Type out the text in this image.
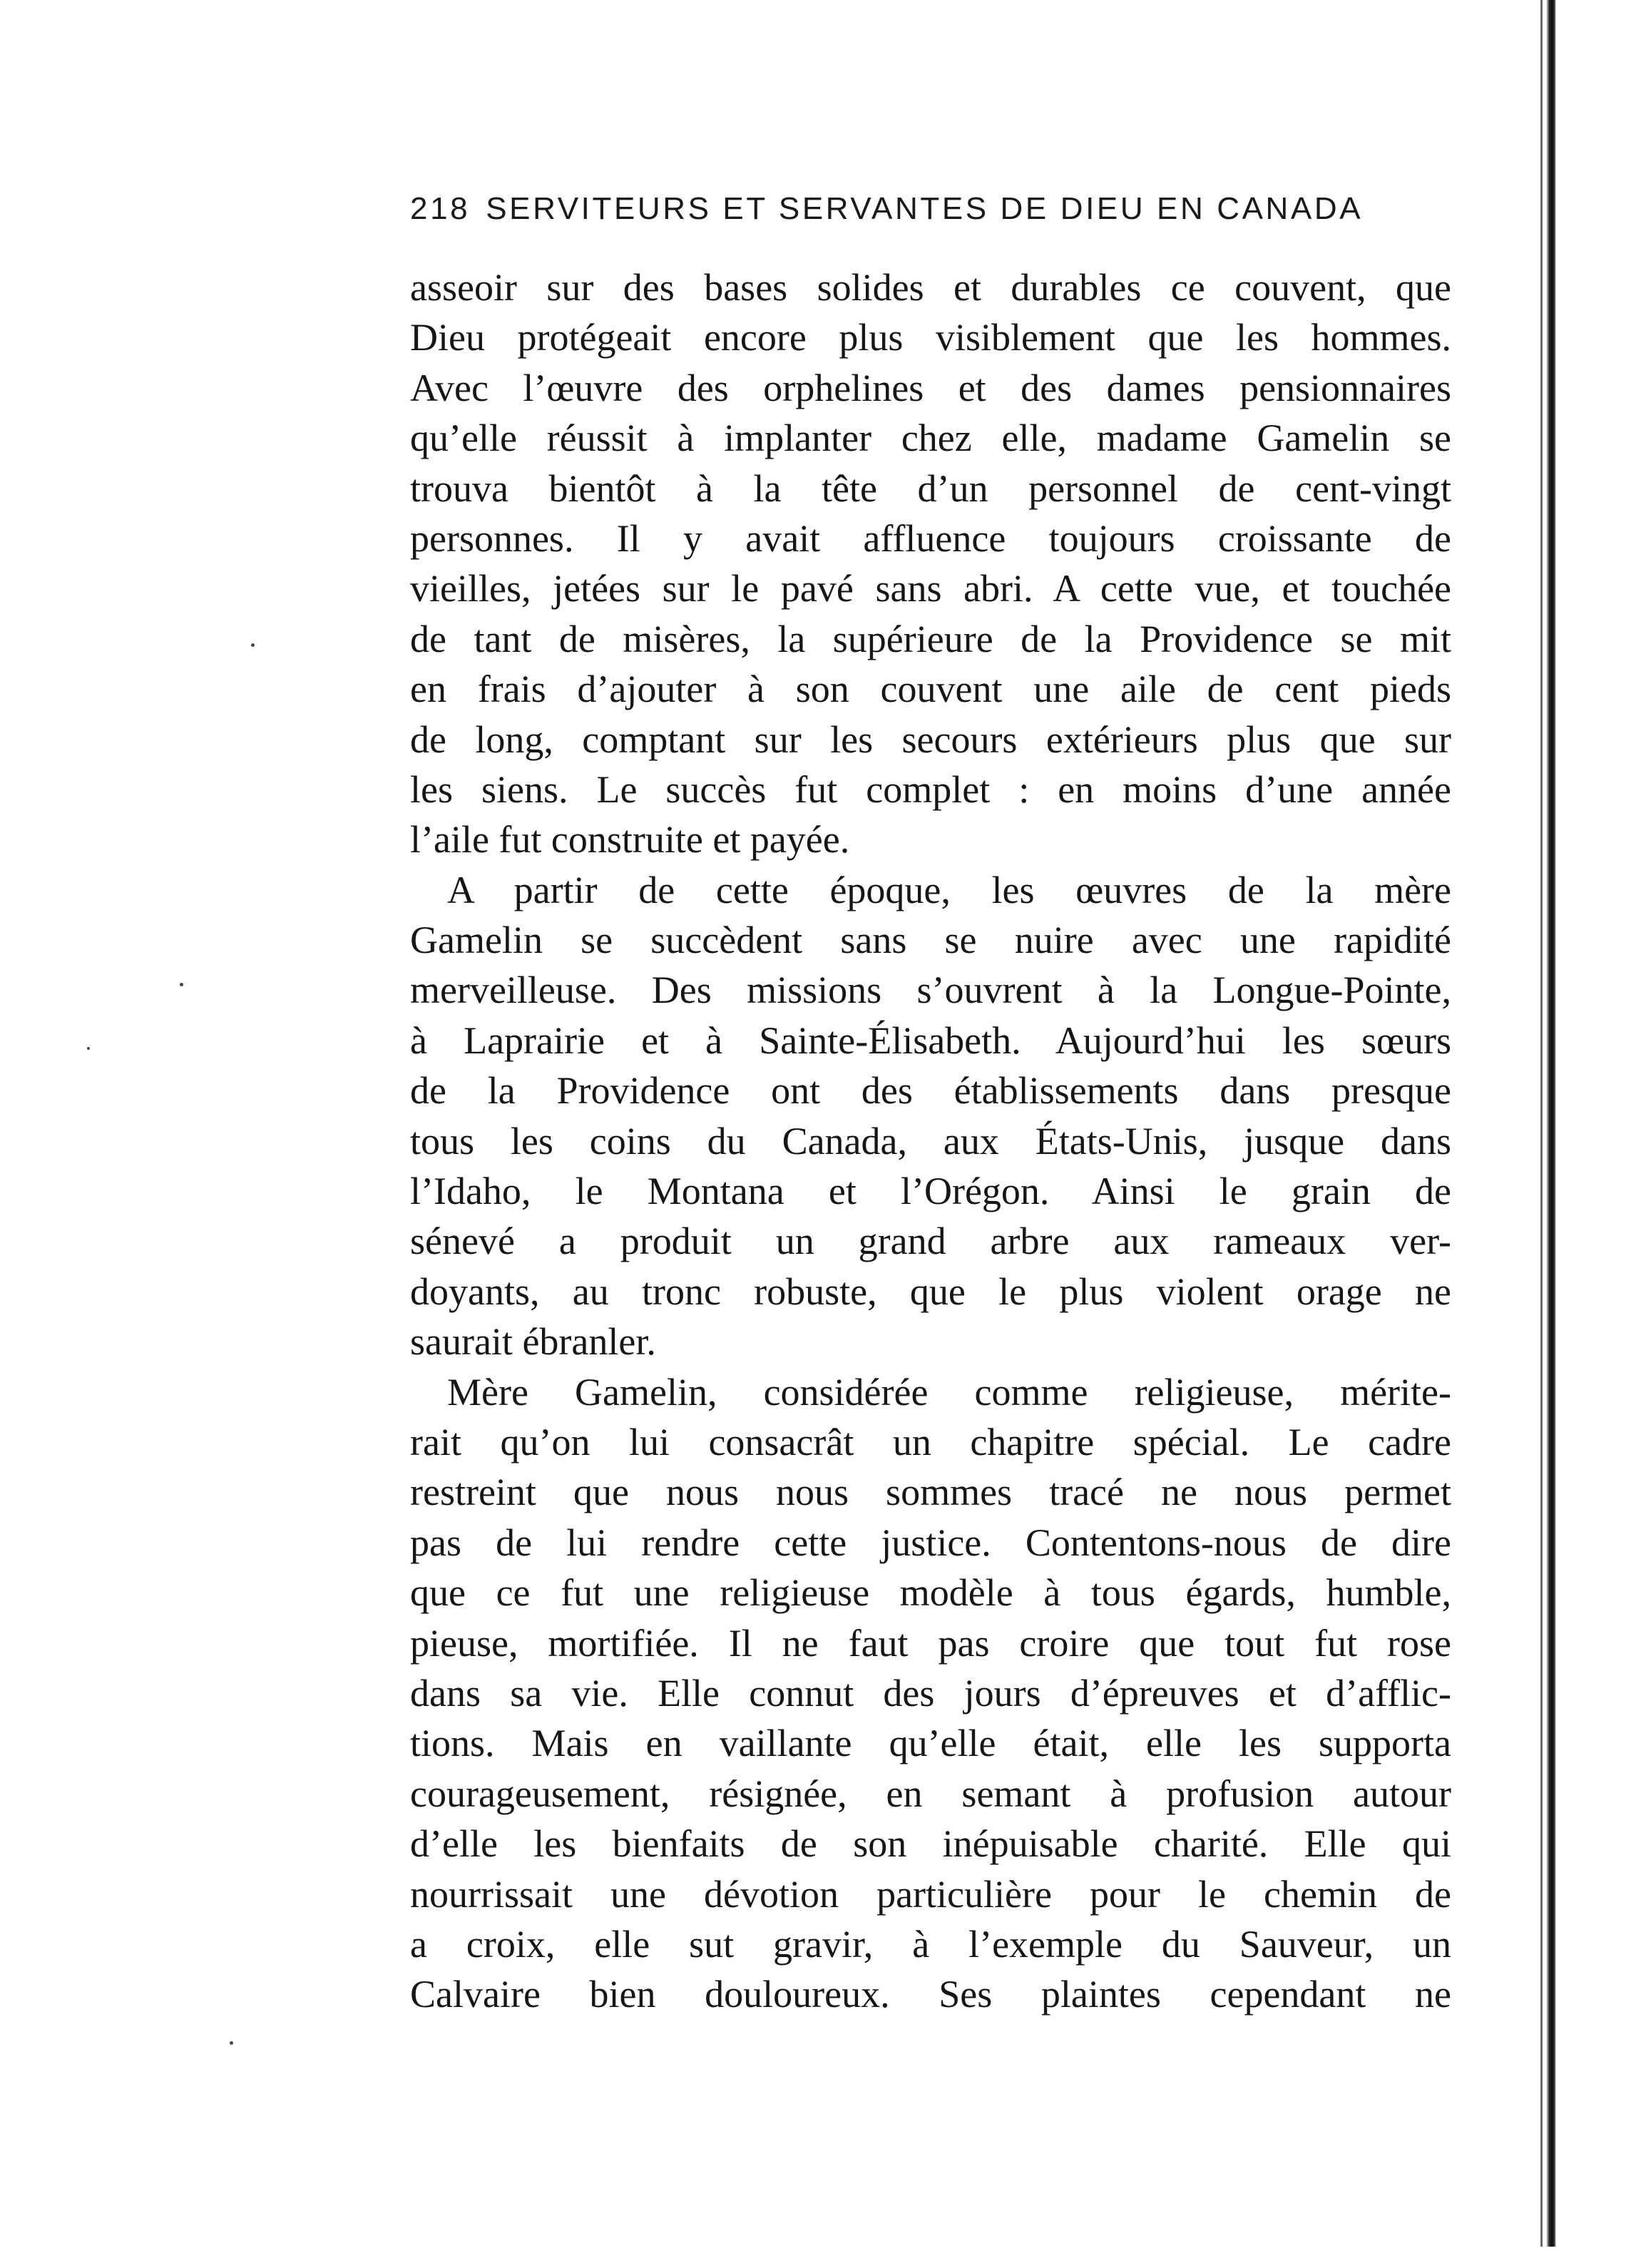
218 SERVITEURS ET SERVANTES DE DIEU EN CANADA
asseoir sur des bases solides et durables ce couvent, que
Dieu protégeait encore plus visiblement que les hommes.
Avec l’œuvre des orphelines et des dames pensionnaires
qu’elle réussit à implanter chez elle, madame Gamelin se
trouva bientôt à la tête d’un personnel de cent-vingt
personnes. Il y avait affluence toujours croissante de
vieilles, jetées sur le pavé sans abri. A cette vue, et touchée
de tant de misères, la supérieure de la Providence se mit
en frais d’ajouter à son couvent une aile de cent pieds
de long, comptant sur les secours extérieurs plus que sur
les siens. Le succès fut complet : en moins d’une année
l’aile fut construite et payée.
A partir de cette époque, les œuvres de la mère
Gamelin se succèdent sans se nuire avec une rapidité
merveilleuse. Des missions s’ouvrent à la Longue-Pointe,
à Laprairie et à Sainte-Élisabeth. Aujourd’hui les sœurs
de la Providence ont des établissements dans presque
tous les coins du Canada, aux États-Unis, jusque dans
l’Idaho, le Montana et l’Orégon. Ainsi le grain de
sénevé a produit un grand arbre aux rameaux ver-
doyants, au tronc robuste, que le plus violent orage ne
saurait ébranler.
Mère Gamelin, considérée comme religieuse, mérite-
rait qu’on lui consacrât un chapitre spécial. Le cadre
restreint que nous nous sommes tracé ne nous permet
pas de lui rendre cette justice. Contentons-nous de dire
que ce fut une religieuse modèle à tous égards, humble,
pieuse, mortifiée. Il ne faut pas croire que tout fut rose
dans sa vie. Elle connut des jours d’épreuves et d’afflic-
tions. Mais en vaillante qu’elle était, elle les supporta
courageusement, résignée, en semant à profusion autour
d’elle les bienfaits de son inépuisable charité. Elle qui
nourrissait une dévotion particulière pour le chemin de
a croix, elle sut gravir, à l’exemple du Sauveur, un
Calvaire bien douloureux. Ses plaintes cependant ne
